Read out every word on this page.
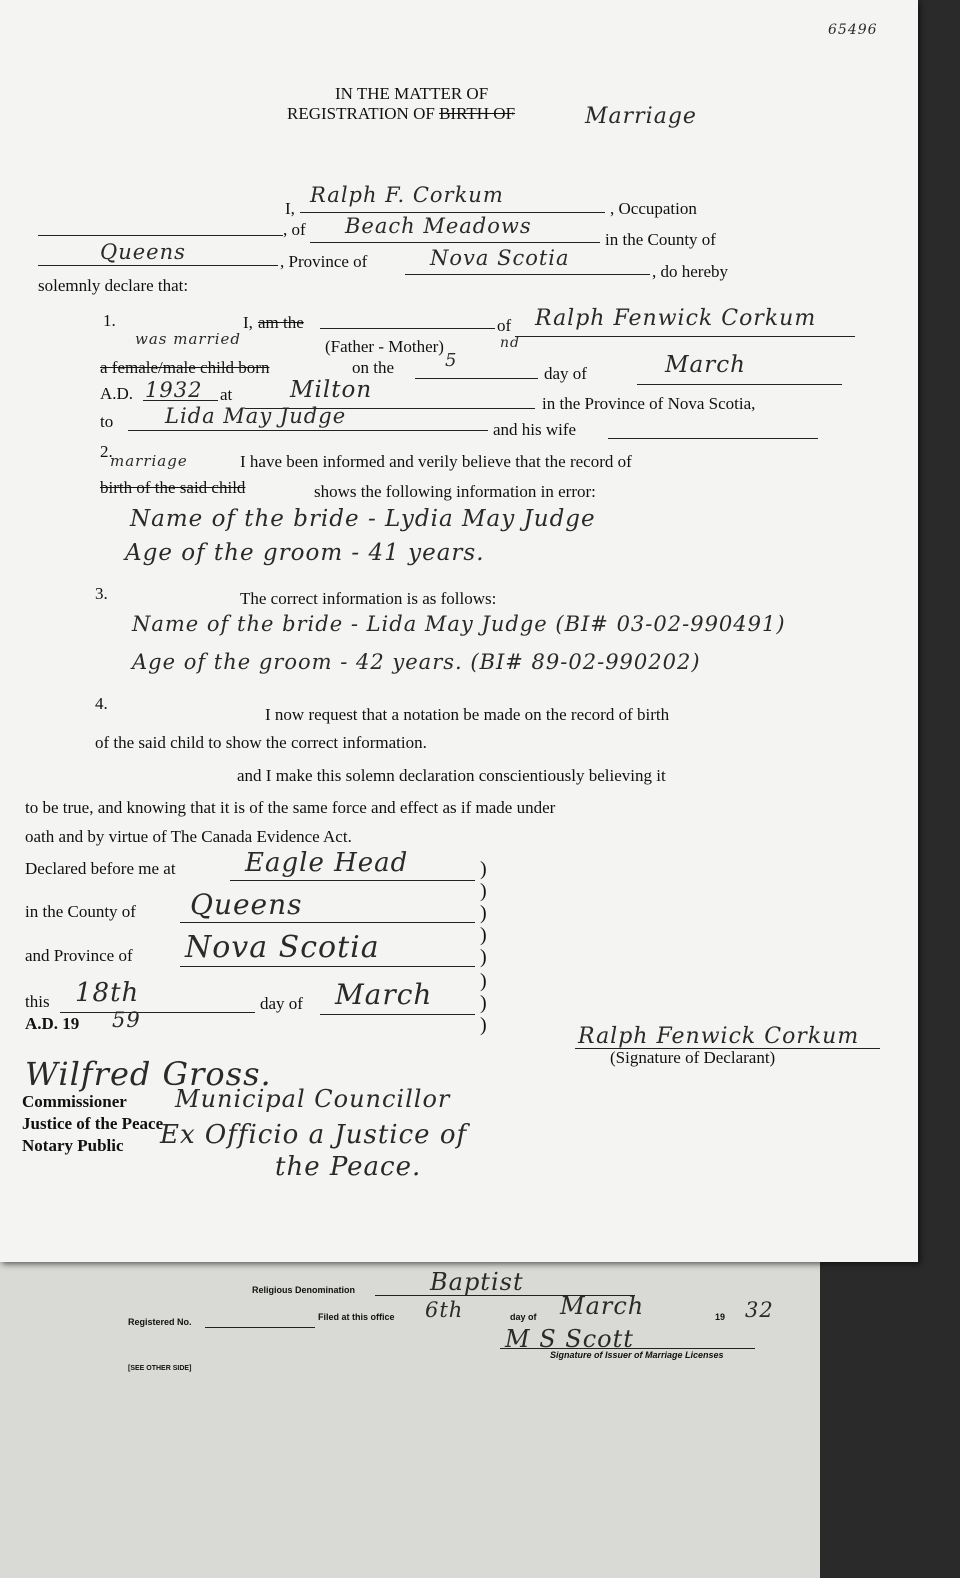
Religious Denomination	Baptist
Registered No.	Filed at this office 6th	day of March	19 32
M S Scott
Signature of Issuer of Marriage Licenses
[SEE OTHER SIDE]
65496
IN THE MATTER OF
REGISTRATION OF BIRTH OF	Marriage
I,
Ralph F. Corkum
, Occupation
, of Beach Meadows
in the County of
Queens	, Province of	Nova Scotia
, do hereby
solemnly declare that:
1.	I, am the	of Ralph Fenwick Corkum
was married	(Father - Mother)	nd
a female/male child born	on the	5
day of	March
A.D. 1932 at	Milton
in the Province of Nova Scotia,
to Lida May Judge
and his wife
2.
marriage	I have been informed and verily believe that the record of
birth of the said child	shows the following information in error:
Name of the bride - Lydia May Judge
Age of the groom - 41 years.
3.	The correct information is as follows:
Name of the bride - Lida May Judge (BI# 03-02-990491)
Age of the groom - 42 years. (BI# 89-02-990202)
4.
I now request that a notation be made on the record of birth
of the said child to show the correct information.
and I make this solemn declaration conscientiously believing it
to be true, and knowing that it is of the same force and effect as if made under
oath and by virtue of The Canada Evidence Act.
Declared before me at	Eagle Head	)
)
in the County of Queens	)
)
and Province of Nova Scotia	)
)
this 18th	day of March )
A.D. 19 59	)	Ralph Fenwick Corkum
(Signature of Declarant)
Wilfred Gross.
Commissioner
Justice of the Peace
Notary Public
Municipal Councillor
Ex Officio a Justice of
the Peace.
